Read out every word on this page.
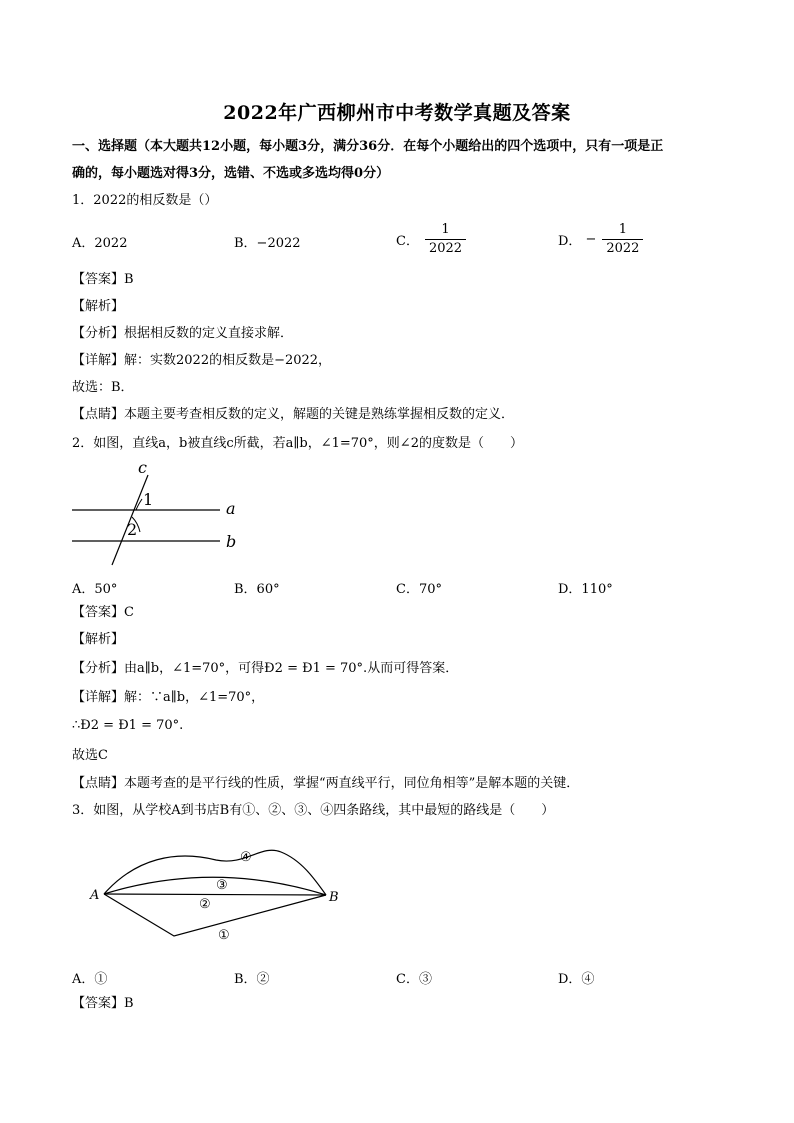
2022年广西柳州市中考数学真题及答案
一、选择题（本大题共12小题，每小题3分，满分36分．在每个小题给出的四个选项中，只有一项是正
确的，每小题选对得3分，选错、不选或多选均得0分）
1．2022的相反数是（）
A．2022	B．−2022	C． $\frac{1}{2022}$	D． − $\frac{1}{2022}$
【答案】B
【解析】
【分析】根据相反数的定义直接求解．
【详解】解：实数2022的相反数是−2022，
故选：B．
【点睛】本题主要考查相反数的定义，解题的关键是熟练掌握相反数的定义．
2．如图，直线a，b被直线c所截，若a∥b，∠1=70°，则∠2的度数是（　　）
c
1
2
a
b
A．50°	B．60°	C．70°	D．110°
【答案】C
【解析】
【分析】由a∥b，∠1=70°，可得Ð2 = Ð1 = 70°.从而可得答案．
【详解】解：∵a∥b，∠1=70°，
∴Ð2 = Ð1 = 70°.
故选C
【点睛】本题考查的是平行线的性质，掌握“两直线平行，同位角相等”是解本题的关键．
3．如图，从学校A到书店B有①、②、③、④四条路线，其中最短的路线是（　　）
A	B
①
②
③
④
A．①	B．②	C．③	D．④
【答案】B
